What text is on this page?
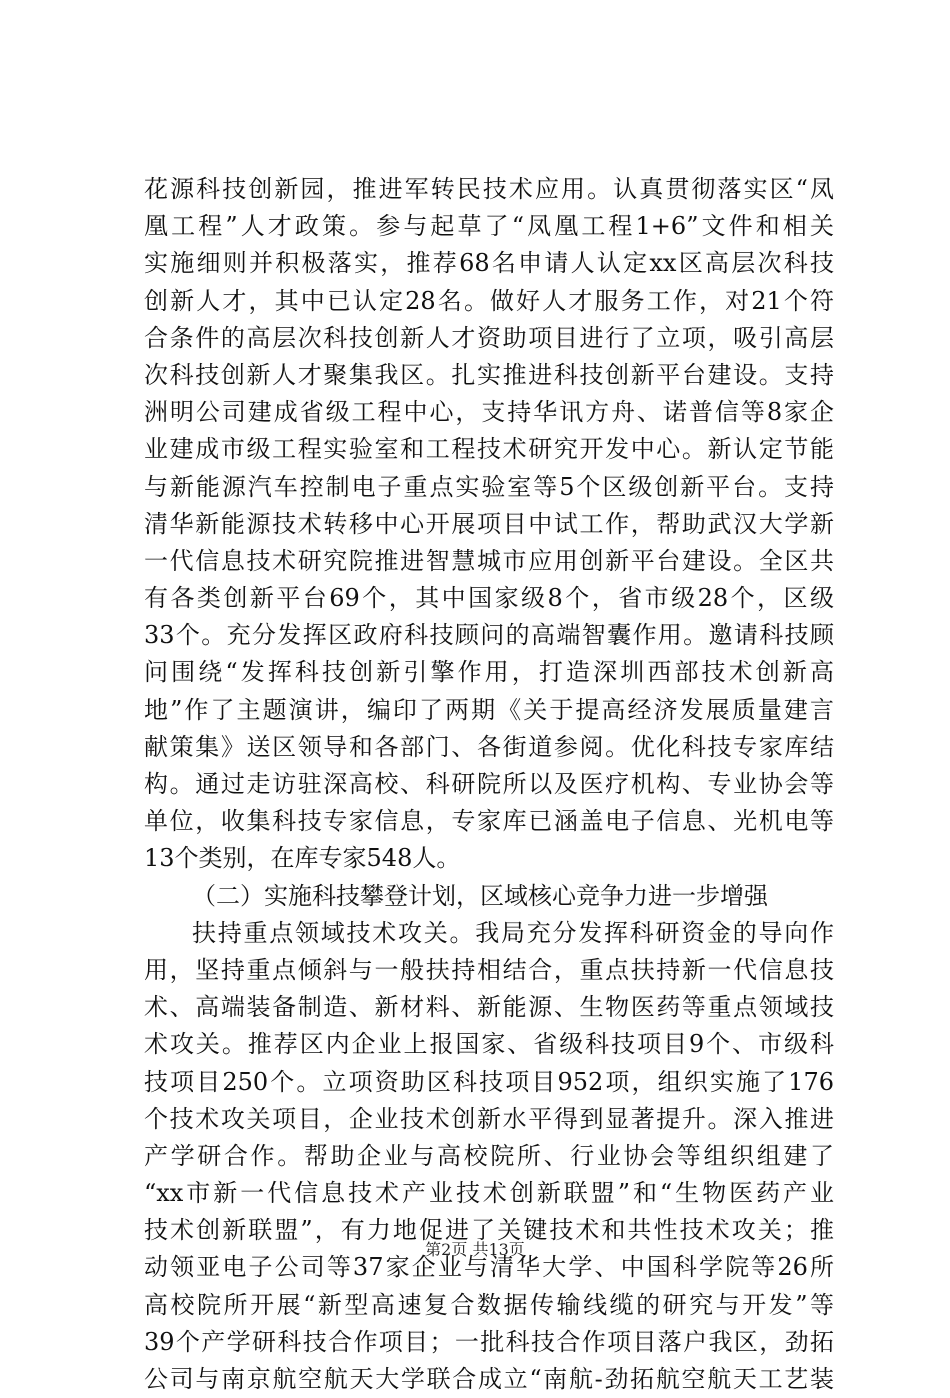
花源科技创新园，推进军转民技术应用。认真贯彻落实区“凤
凰工程”人才政策。参与起草了“凤凰工程1+6”文件和相关
实施细则并积极落实，推荐68名申请人认定xx区高层次科技
创新人才，其中已认定28名。做好人才服务工作，对21个符
合条件的高层次科技创新人才资助项目进行了立项，吸引高层
次科技创新人才聚集我区。扎实推进科技创新平台建设。支持
洲明公司建成省级工程中心，支持华讯方舟、诺普信等8家企
业建成市级工程实验室和工程技术研究开发中心。新认定节能
与新能源汽车控制电子重点实验室等5个区级创新平台。支持
清华新能源技术转移中心开展项目中试工作，帮助武汉大学新
一代信息技术研究院推进智慧城市应用创新平台建设。全区共
有各类创新平台69个，其中国家级8个，省市级28个，区级
33个。充分发挥区政府科技顾问的高端智囊作用。邀请科技顾
问围绕“发挥科技创新引擎作用，打造深圳西部技术创新高
地”作了主题演讲，编印了两期《关于提高经济发展质量建言
献策集》送区领导和各部门、各街道参阅。优化科技专家库结
构。通过走访驻深高校、科研院所以及医疗机构、专业协会等
单位，收集科技专家信息，专家库已涵盖电子信息、光机电等
13个类别，在库专家548人。
（二）实施科技攀登计划，区域核心竞争力进一步增强
扶持重点领域技术攻关。我局充分发挥科研资金的导向作
用，坚持重点倾斜与一般扶持相结合，重点扶持新一代信息技
术、高端装备制造、新材料、新能源、生物医药等重点领域技
术攻关。推荐区内企业上报国家、省级科技项目9个、市级科
技项目250个。立项资助区科技项目952项，组织实施了176
个技术攻关项目，企业技术创新水平得到显著提升。深入推进
产学研合作。帮助企业与高校院所、行业协会等组织组建了
“xx市新一代信息技术产业技术创新联盟”和“生物医药产业
技术创新联盟”，有力地促进了关键技术和共性技术攻关；推
动领亚电子公司等37家企业与清华大学、中国科学院等26所
高校院所开展“新型高速复合数据传输线缆的研究与开发”等
39个产学研科技合作项目；一批科技合作项目落户我区，劲拓
公司与南京航空航天大学联合成立“南航-劲拓航空航天工艺装
第2页 共13页
